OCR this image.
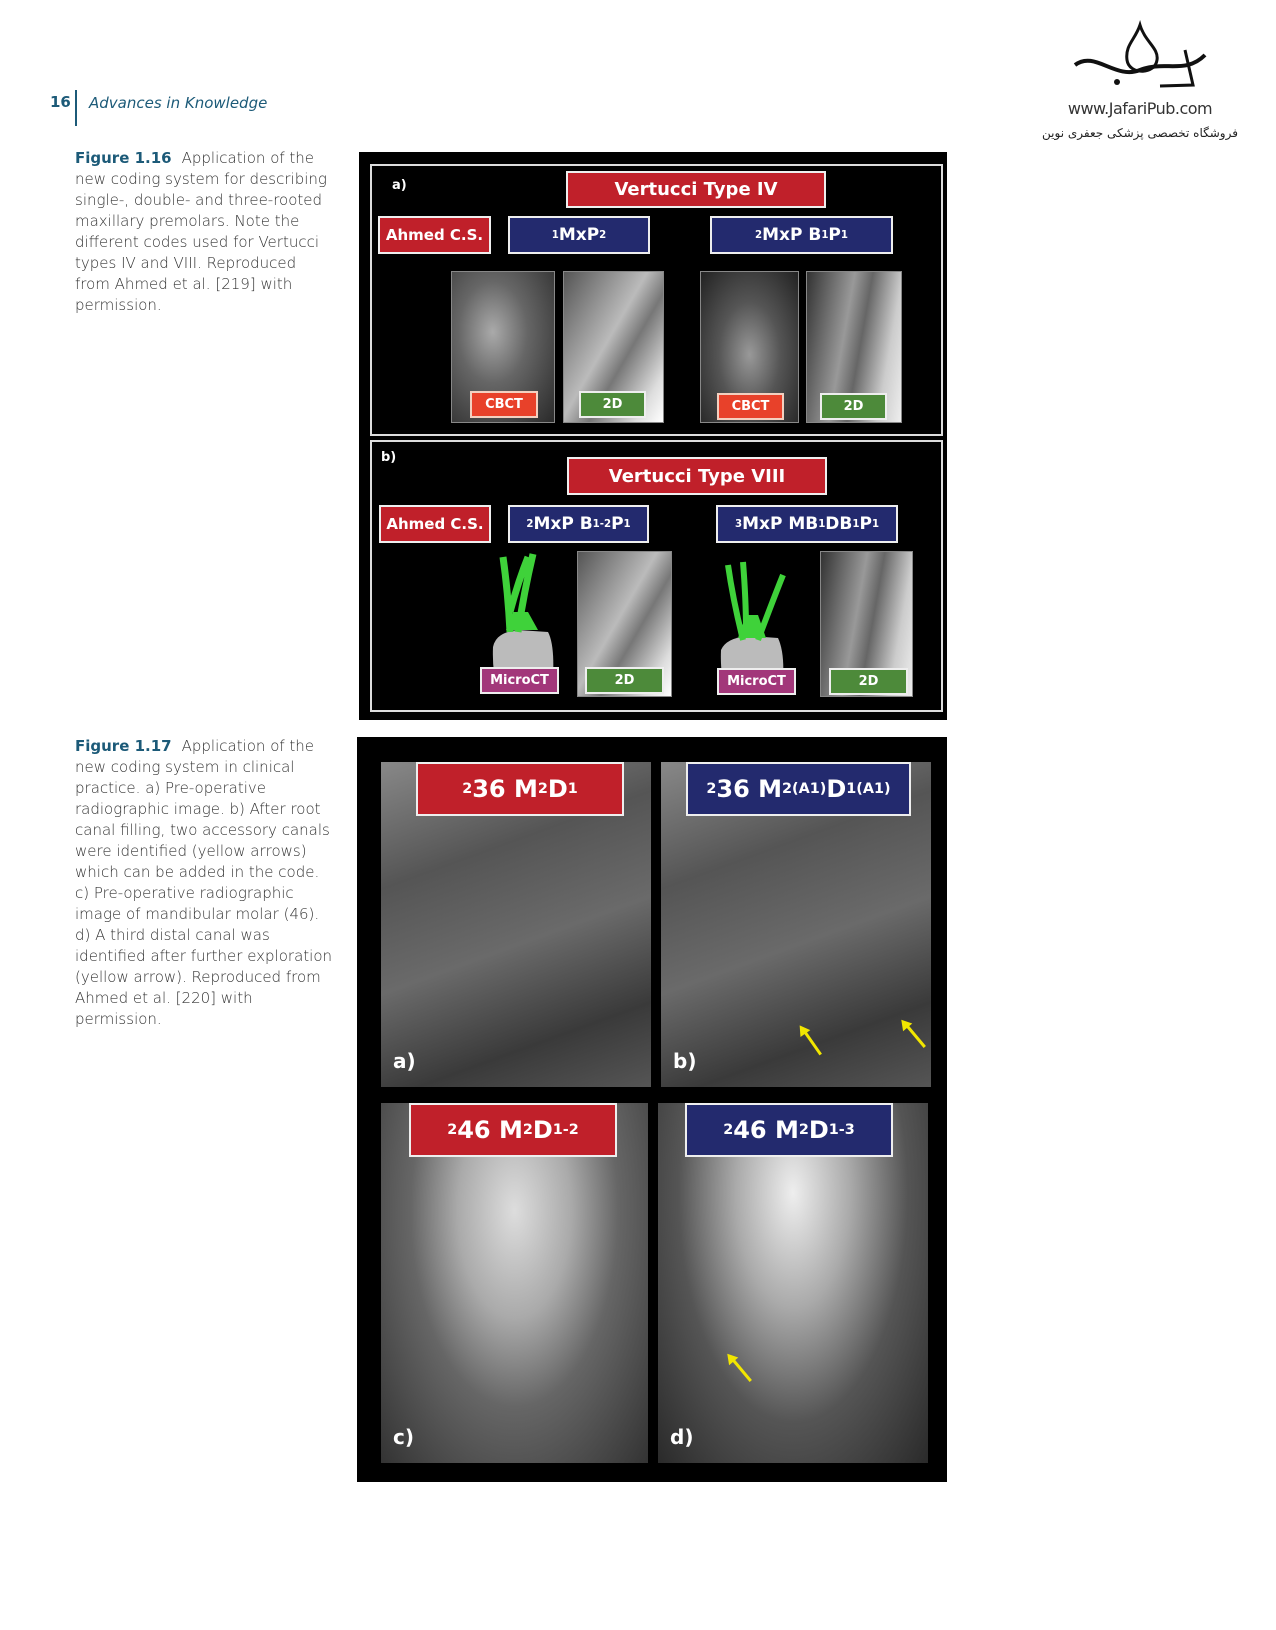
16 Advances in Knowledge	www.JafariPub.com
فروشگاه تخصصی پزشکی جعفری نوین
Figure 1.16 Application of the new coding system for describing single-, double- and three-rooted maxillary premolars. Note the different codes used for Vertucci types IV and VIII. Reproduced from Ahmed et al. [219] with permission.
a)	Vertucci Type IV
Ahmed C.S.	1 MxP 2	2 MxP B 1 P 1
CBCT	2D	CBCT	2D
b)
Vertucci Type VIII
Ahmed C.S.	2 MxP B 1-2 P 1	3 MxP MB 1 DB 1 P 1
MicroCT	2D	MicroCT	2D
Figure 1.17 Application of the new coding system in clinical practice. a) Pre-operative radiographic image. b) After root canal filling, two accessory canals were identified (yellow arrows) which can be added in the code. c) Pre-operative radiographic image of mandibular molar (46). d) A third distal canal was identified after further exploration (yellow arrow). Reproduced from Ahmed et al. [220] with permission.
a)
2 36 M 2 D 1
b)
2 36 M 2(A1) D 1(A1)
c)
2 46 M 2 D 1-2
d)
2 46 M 2 D 1-3
